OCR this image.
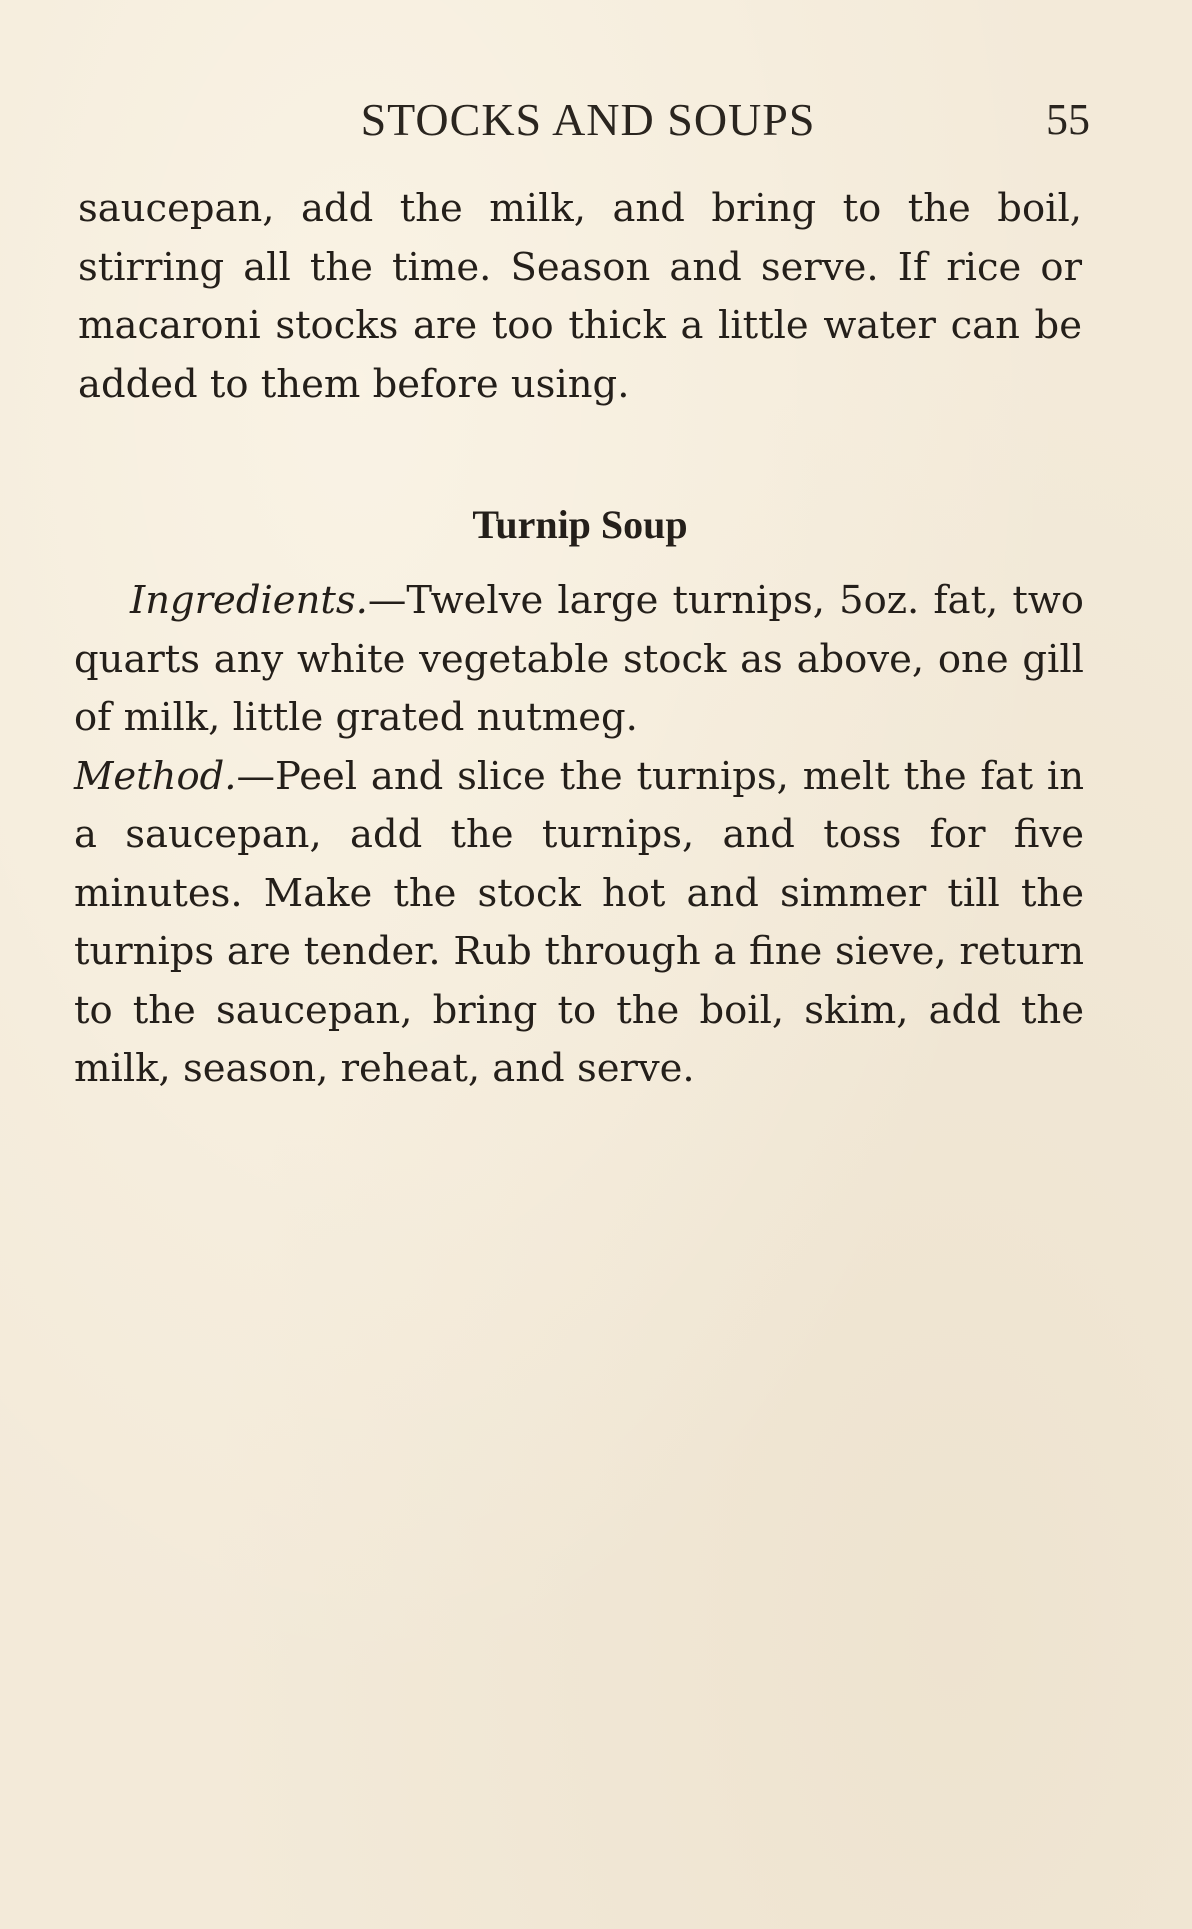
STOCKS AND SOUPS	55
saucepan, add the milk, and bring to the boil, stirring all the time. Season and serve. If rice or macaroni stocks are too thick a little water can be added to them before using.
Turnip Soup

Ingredients.—Twelve large turnips, 5oz. fat, two quarts any white vegetable stock as above, one gill of milk, little grated nutmeg.

Method.—Peel and slice the turnips, melt the fat in a saucepan, add the turnips, and toss for five minutes. Make the stock hot and simmer till the turnips are tender. Rub through a fine sieve, return to the saucepan, bring to the boil, skim, add the milk, season, reheat, and serve.
